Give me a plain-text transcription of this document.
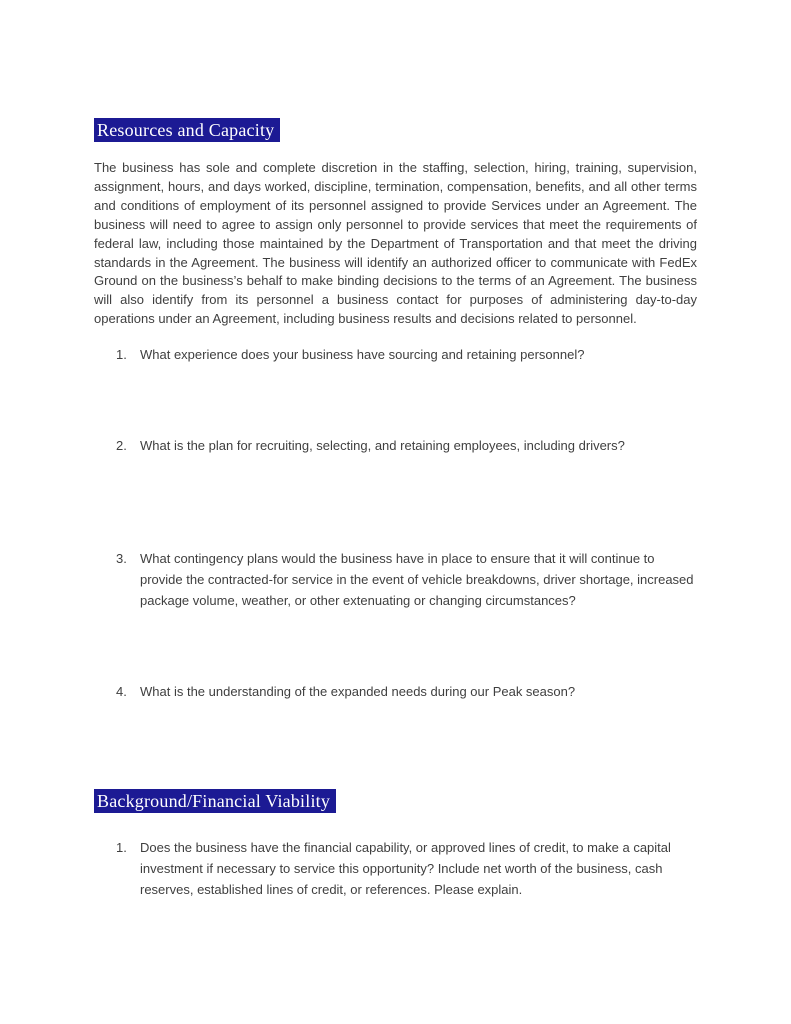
Resources and Capacity

The business has sole and complete discretion in the staffing, selection, hiring, training, supervision, assignment, hours, and days worked, discipline, termination, compensation, benefits, and all other terms and conditions of employment of its personnel assigned to provide Services under an Agreement. The business will need to agree to assign only personnel to provide services that meet the requirements of federal law, including those maintained by the Department of Transportation and that meet the driving standards in the Agreement. The business will identify an authorized officer to communicate with FedEx Ground on the business’s behalf to make binding decisions to the terms of an Agreement. The business will also identify from its personnel a business contact for purposes of administering day-to-day operations under an Agreement, including business results and decisions related to personnel.

1.	What experience does your business have sourcing and retaining personnel?
2.	What is the plan for recruiting, selecting, and retaining employees, including drivers?
3.	What contingency plans would the business have in place to ensure that it will continue to provide the contracted-for service in the event of vehicle breakdowns, driver shortage, increased package volume, weather, or other extenuating or changing circumstances?
4.	What is the understanding of the expanded needs during our Peak season?
Background/Financial Viability
1.	Does the business have the financial capability, or approved lines of credit, to make a capital investment if necessary to service this opportunity? Include net worth of the business, cash reserves, established lines of credit, or references. Please explain.
